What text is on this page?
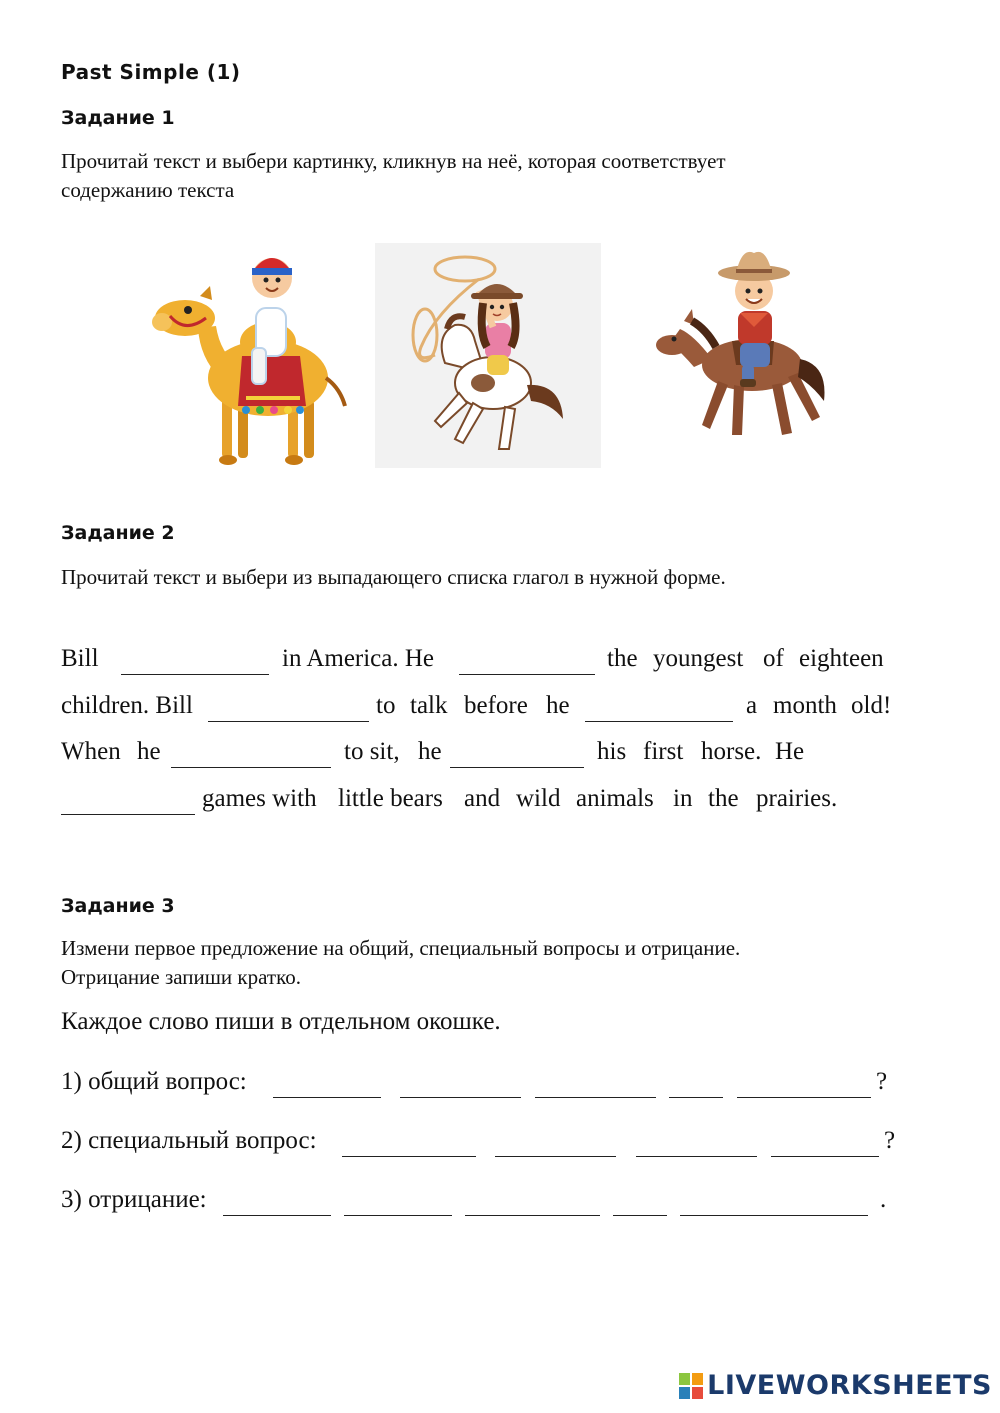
Past Simple (1)
Задание 1
Прочитай текст и выбери картинку, кликнув на неё, которая соответствует
содержанию текста
Задание 2
Прочитай текст и выбери из выпадающего списка глагол в нужной форме.
Bill	in America. He	the youngest of eighteen
children. Bill	to talk before he	a month old!
When he	to sit, he	his first horse. He
games with little bears and wild animals in the prairies.
Задание 3
Измени первое предложение на общий, специальный вопросы и отрицание.
Отрицание запиши кратко.
Каждое слово пиши в отдельном окошке.
1) общий вопрос:	?
2) специальный вопрос:	?
3) отрицание:	.
LIVEWORKSHEETS
